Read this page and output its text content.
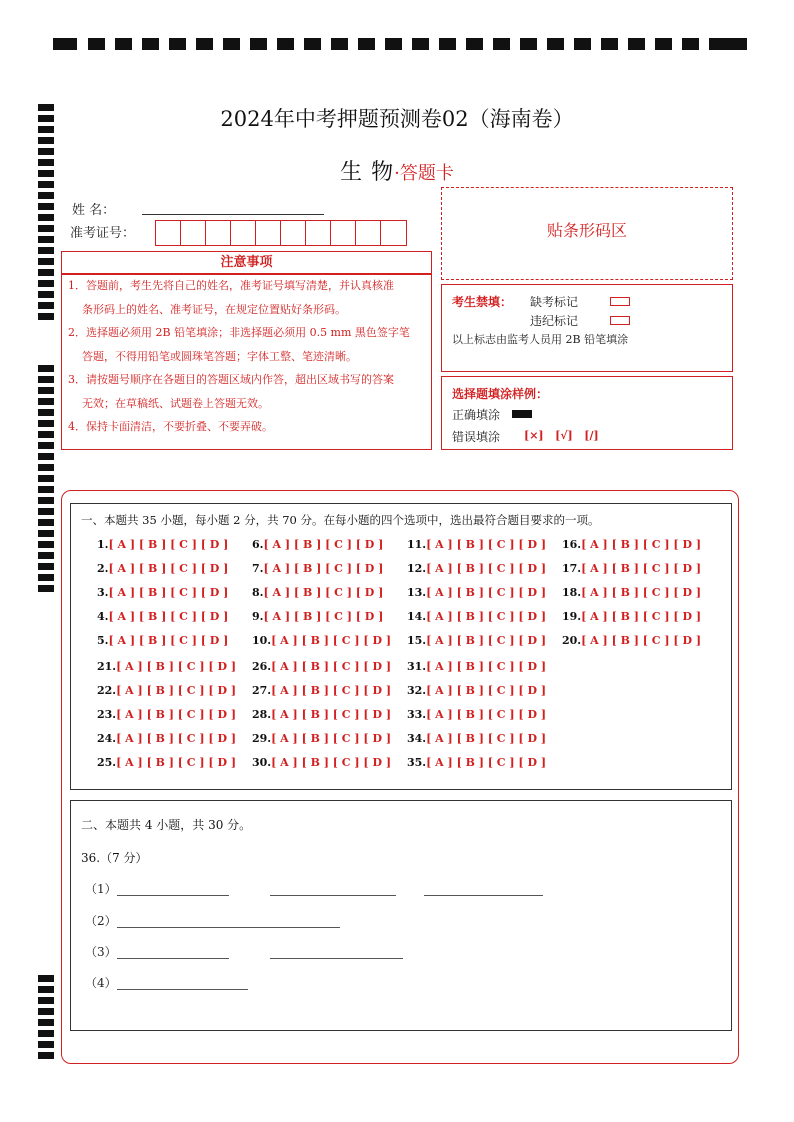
2024年中考押题预测卷02（海南卷）
生 物·答题卡
姓 名：
准考证号：
注意事项

1．答题前，考生先将自己的姓名，准考证号填写清楚，并认真核准

条形码上的姓名、准考证号，在规定位置贴好条形码。

2．选择题必须用 2B 铅笔填涂；非选择题必须用 0.5 mm 黑色签字笔

答题，不得用铅笔或圆珠笔答题；字体工整、笔迹清晰。

3．请按题号顺序在各题目的答题区域内作答，超出区域书写的答案

无效；在草稿纸、试题卷上答题无效。

4．保持卡面清洁，不要折叠、不要弄破。

贴条形码区
考生禁填： 缺考标记
违纪标记
以上标志由监考人员用 2B 铅笔填涂
选择题填涂样例：
正确填涂
错误填涂 [×]   [√]   [/]
一、本题共 35 小题，每小题 2 分，共 70 分。在每小题的四个选项中，选出最符合题目要求的一项。
1.[ A ] [ B ] [ C ] [ D ]
2.[ A ] [ B ] [ C ] [ D ]
3.[ A ] [ B ] [ C ] [ D ]
4.[ A ] [ B ] [ C ] [ D ]
5.[ A ] [ B ] [ C ] [ D ]
6.[ A ] [ B ] [ C ] [ D ]
7.[ A ] [ B ] [ C ] [ D ]
8.[ A ] [ B ] [ C ] [ D ]
9.[ A ] [ B ] [ C ] [ D ]
10.[ A ] [ B ] [ C ] [ D ]
11.[ A ] [ B ] [ C ] [ D ]
12.[ A ] [ B ] [ C ] [ D ]
13.[ A ] [ B ] [ C ] [ D ]
14.[ A ] [ B ] [ C ] [ D ]
15.[ A ] [ B ] [ C ] [ D ]
16.[ A ] [ B ] [ C ] [ D ]
17.[ A ] [ B ] [ C ] [ D ]
18.[ A ] [ B ] [ C ] [ D ]
19.[ A ] [ B ] [ C ] [ D ]
20.[ A ] [ B ] [ C ] [ D ]
21.[ A ] [ B ] [ C ] [ D ]
22.[ A ] [ B ] [ C ] [ D ]
23.[ A ] [ B ] [ C ] [ D ]
24.[ A ] [ B ] [ C ] [ D ]
25.[ A ] [ B ] [ C ] [ D ]
26.[ A ] [ B ] [ C ] [ D ]
27.[ A ] [ B ] [ C ] [ D ]
28.[ A ] [ B ] [ C ] [ D ]
29.[ A ] [ B ] [ C ] [ D ]
30.[ A ] [ B ] [ C ] [ D ]
31.[ A ] [ B ] [ C ] [ D ]
32.[ A ] [ B ] [ C ] [ D ]
33.[ A ] [ B ] [ C ] [ D ]
34.[ A ] [ B ] [ C ] [ D ]
35.[ A ] [ B ] [ C ] [ D ]
二、本题共 4 小题，共 30 分。
36.（7 分）
（1）
（2）
（3）
（4）
